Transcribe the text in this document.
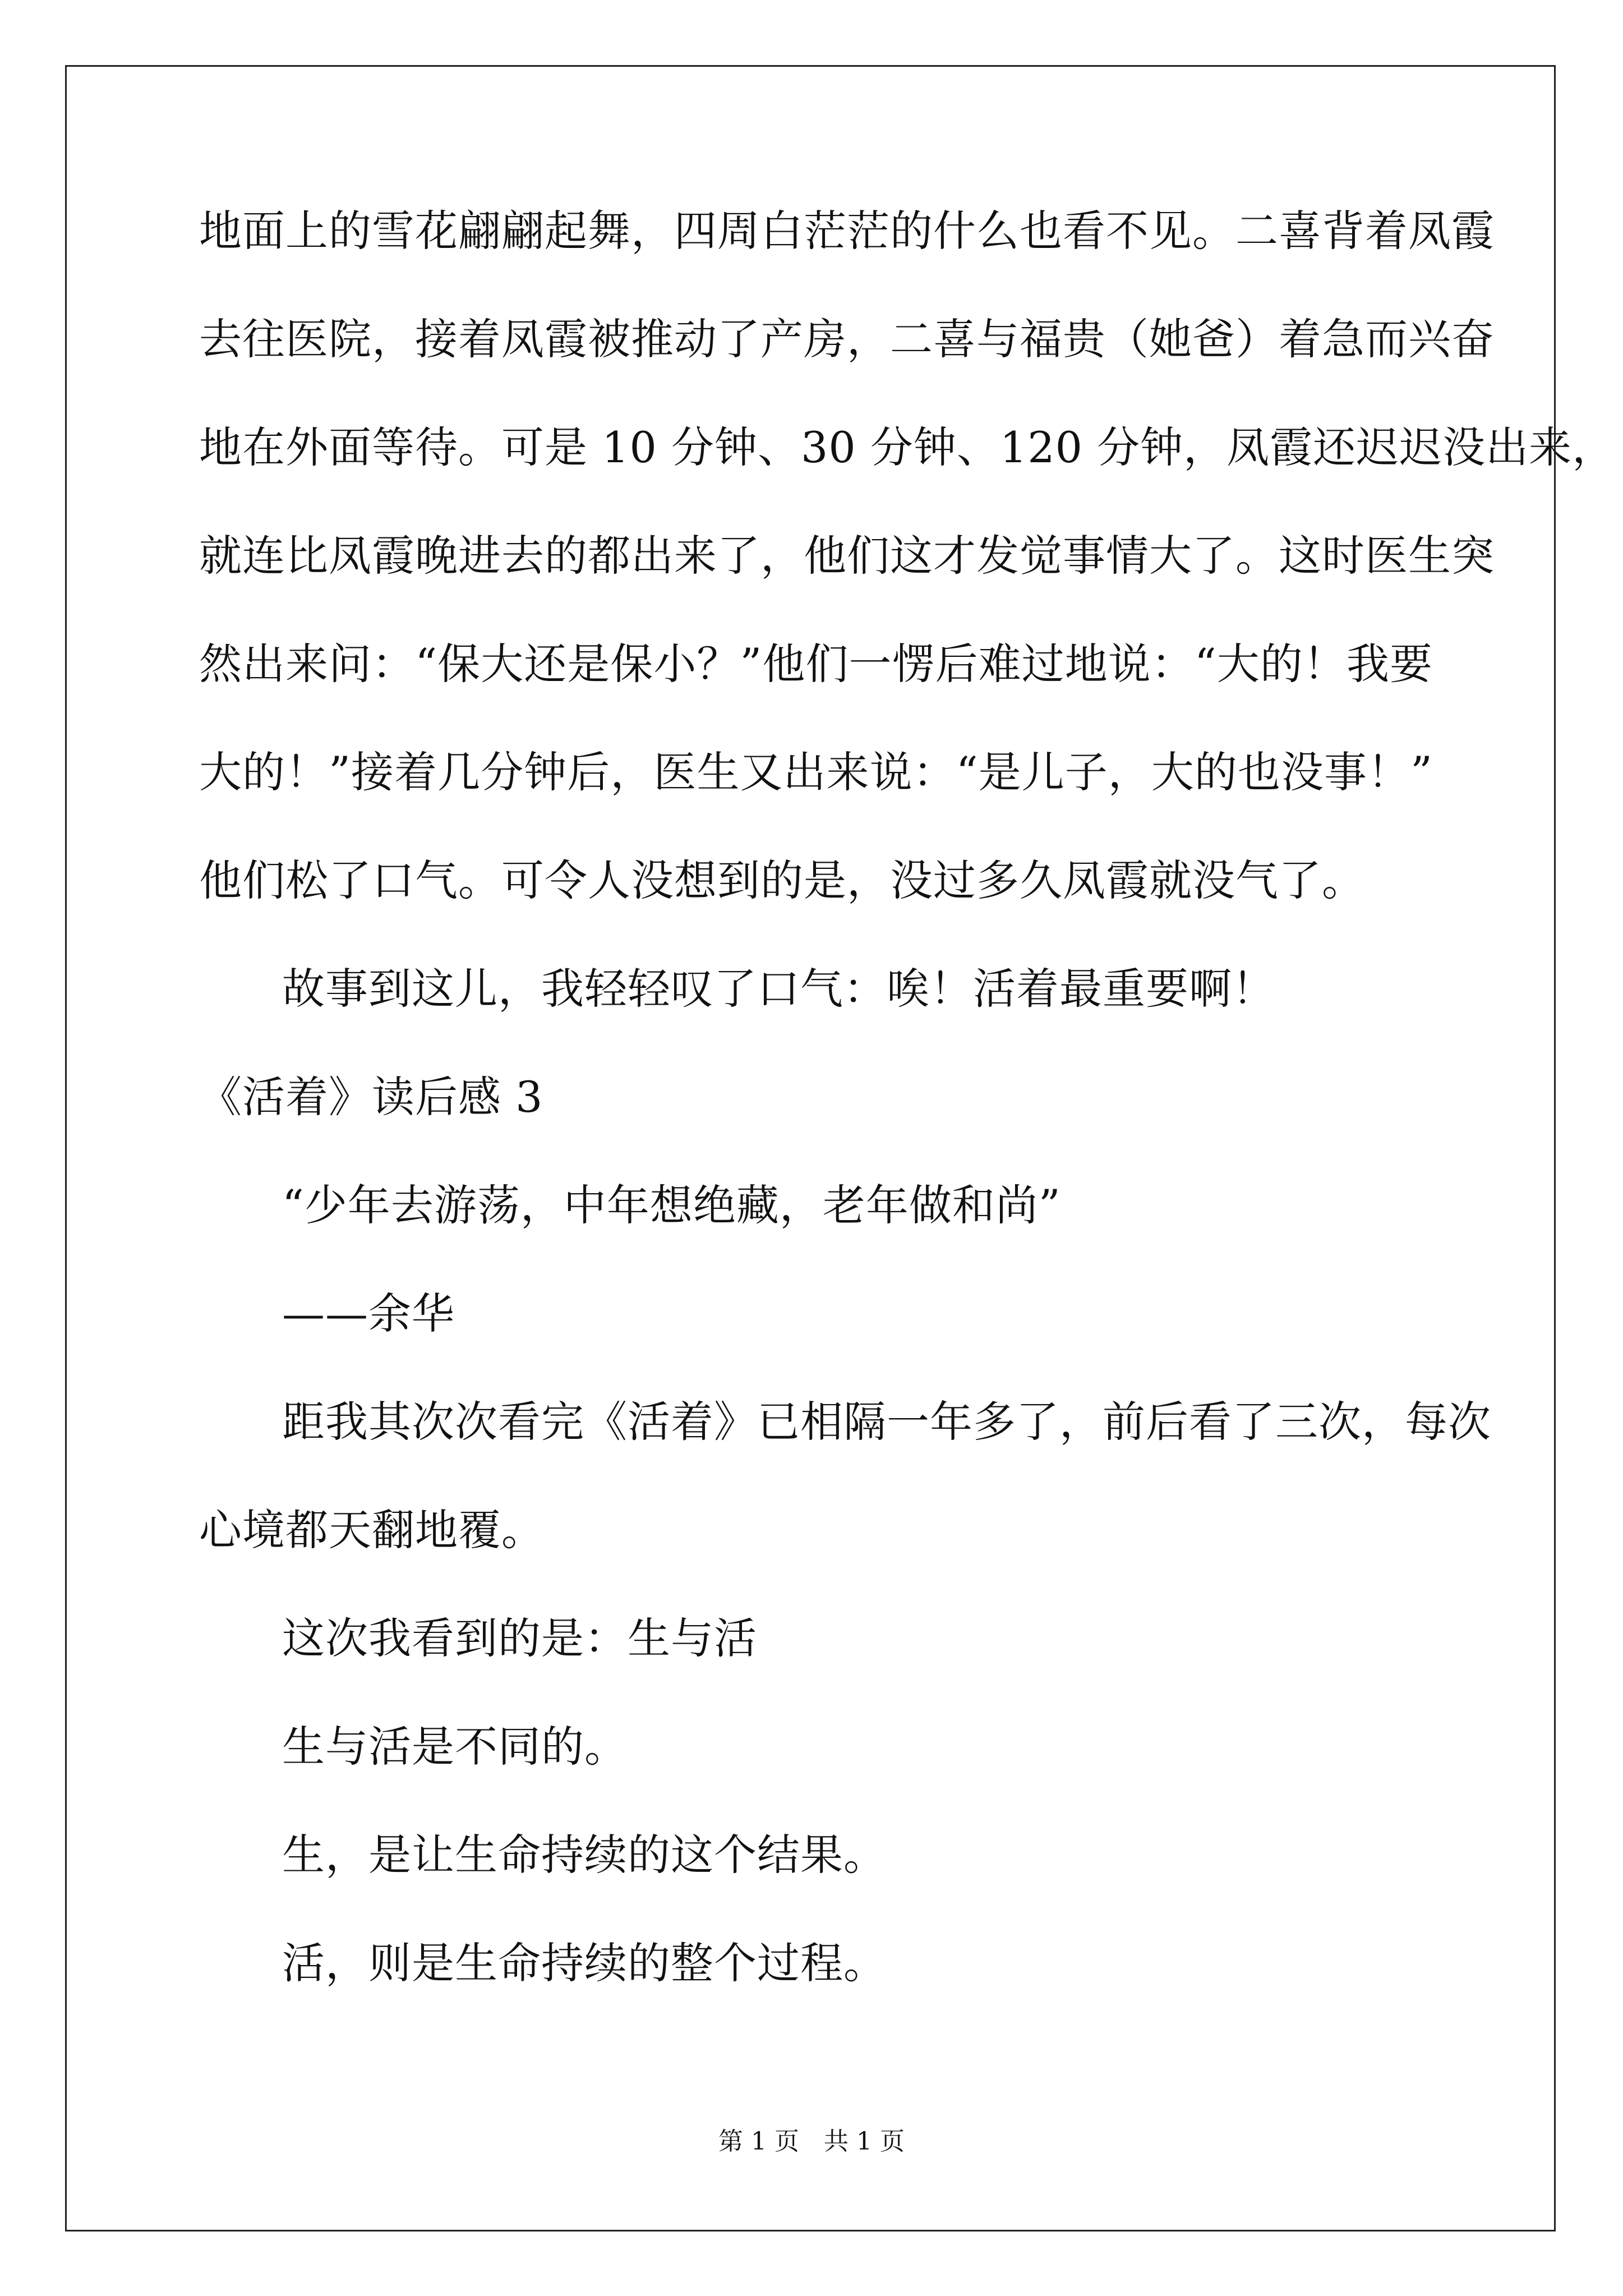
地面上的雪花翩翩起舞，四周白茫茫的什么也看不见。二喜背着凤霞
去往医院，接着凤霞被推动了产房，二喜与福贵（她爸）着急而兴奋
地在外面等待。可是 10 分钟、30 分钟、120 分钟，凤霞还迟迟没出来，
就连比凤霞晚进去的都出来了，他们这才发觉事情大了。这时医生突
然出来问：“保大还是保小？”他们一愣后难过地说：“大的！我要
大的！”接着几分钟后，医生又出来说：“是儿子，大的也没事！”
他们松了口气。可令人没想到的是，没过多久凤霞就没气了。
故事到这儿，我轻轻叹了口气：唉！活着最重要啊！
《活着》读后感 3
“少年去游荡，中年想绝藏，老年做和尚”
——余华
距我其次次看完《活着》已相隔一年多了，前后看了三次，每次
心境都天翻地覆。
这次我看到的是：生与活
生与活是不同的。
生，是让生命持续的这个结果。
活，则是生命持续的整个过程。
第 1 页　共 1 页
